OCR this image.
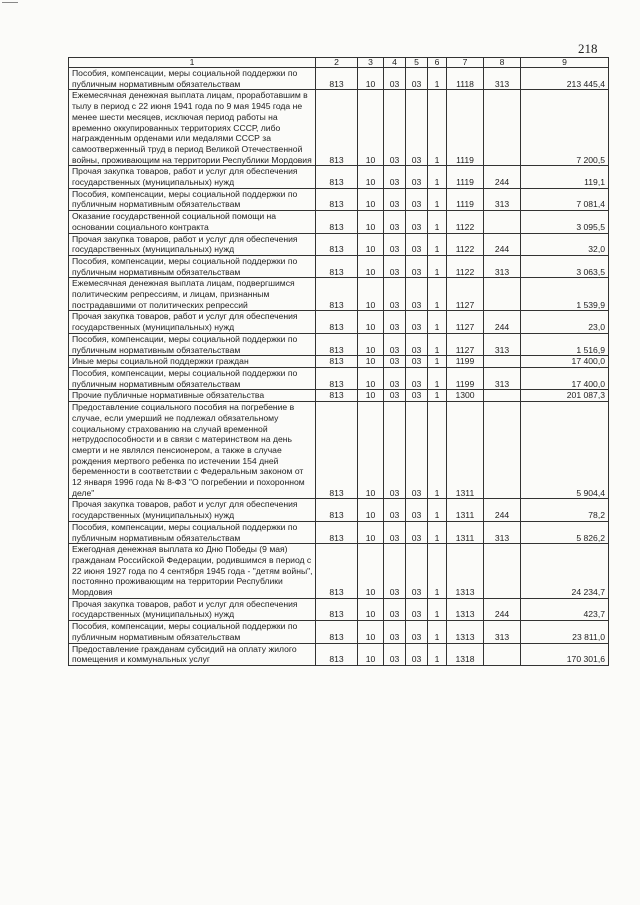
218
1	2	3	4	5	6	7	8	9
Пособия, компенсации, меры социальной поддержки по публичным нормативным обязательствам	813	10	03	03	1	1118	313	213 445,4
Ежемесячная денежная выплата лицам, проработавшим в тылу в период с 22 июня 1941 года по 9 мая 1945 года не менее шести месяцев, исключая период работы на временно оккупированных территориях СССР, либо награжденным орденами или медалями СССР за самоотверженный труд в период Великой Отечественной войны, проживающим на территории Республики Мордовия	813	10	03	03	1	1119		7 200,5
Прочая закупка товаров, работ и услуг для обеспечения государственных (муниципальных) нужд	813	10	03	03	1	1119	244	119,1
Пособия, компенсации, меры социальной поддержки по публичным нормативным обязательствам	813	10	03	03	1	1119	313	7 081,4
Оказание государственной социальной помощи на основании социального контракта	813	10	03	03	1	1122		3 095,5
Прочая закупка товаров, работ и услуг для обеспечения государственных (муниципальных) нужд	813	10	03	03	1	1122	244	32,0
Пособия, компенсации, меры социальной поддержки по публичным нормативным обязательствам	813	10	03	03	1	1122	313	3 063,5
Ежемесячная денежная выплата лицам, подвергшимся политическим репрессиям, и лицам, признанным пострадавшими от политических репрессий	813	10	03	03	1	1127		1 539,9
Прочая закупка товаров, работ и услуг для обеспечения государственных (муниципальных) нужд	813	10	03	03	1	1127	244	23,0
Пособия, компенсации, меры социальной поддержки по публичным нормативным обязательствам	813	10	03	03	1	1127	313	1 516,9
Иные меры социальной поддержки граждан	813	10	03	03	1	1199		17 400,0
Пособия, компенсации, меры социальной поддержки по публичным нормативным обязательствам	813	10	03	03	1	1199	313	17 400,0
Прочие публичные нормативные обязательства	813	10	03	03	1	1300		201 087,3
Предоставление социального пособия на погребение в случае, если умерший не подлежал обязательному социальному страхованию на случай временной нетрудоспособности и в связи с материнством на день смерти и не являлся пенсионером, а также в случае рождения мертвого ребенка по истечении 154 дней беременности в соответствии с Федеральным законом от 12 января 1996 года № 8-ФЗ "О погребении и похоронном деле"	813	10	03	03	1	1311		5 904,4
Прочая закупка товаров, работ и услуг для обеспечения государственных (муниципальных) нужд	813	10	03	03	1	1311	244	78,2
Пособия, компенсации, меры социальной поддержки по публичным нормативным обязательствам	813	10	03	03	1	1311	313	5 826,2
Ежегодная денежная выплата ко Дню Победы (9 мая) гражданам Российской Федерации, родившимся в период с 22 июня 1927 года по 4 сентября 1945 года - "детям войны", постоянно проживающим на территории Республики Мордовия	813	10	03	03	1	1313		24 234,7
Прочая закупка товаров, работ и услуг для обеспечения государственных (муниципальных) нужд	813	10	03	03	1	1313	244	423,7
Пособия, компенсации, меры социальной поддержки по публичным нормативным обязательствам	813	10	03	03	1	1313	313	23 811,0
Предоставление гражданам субсидий на оплату жилого помещения и коммунальных услуг	813	10	03	03	1	1318		170 301,6
